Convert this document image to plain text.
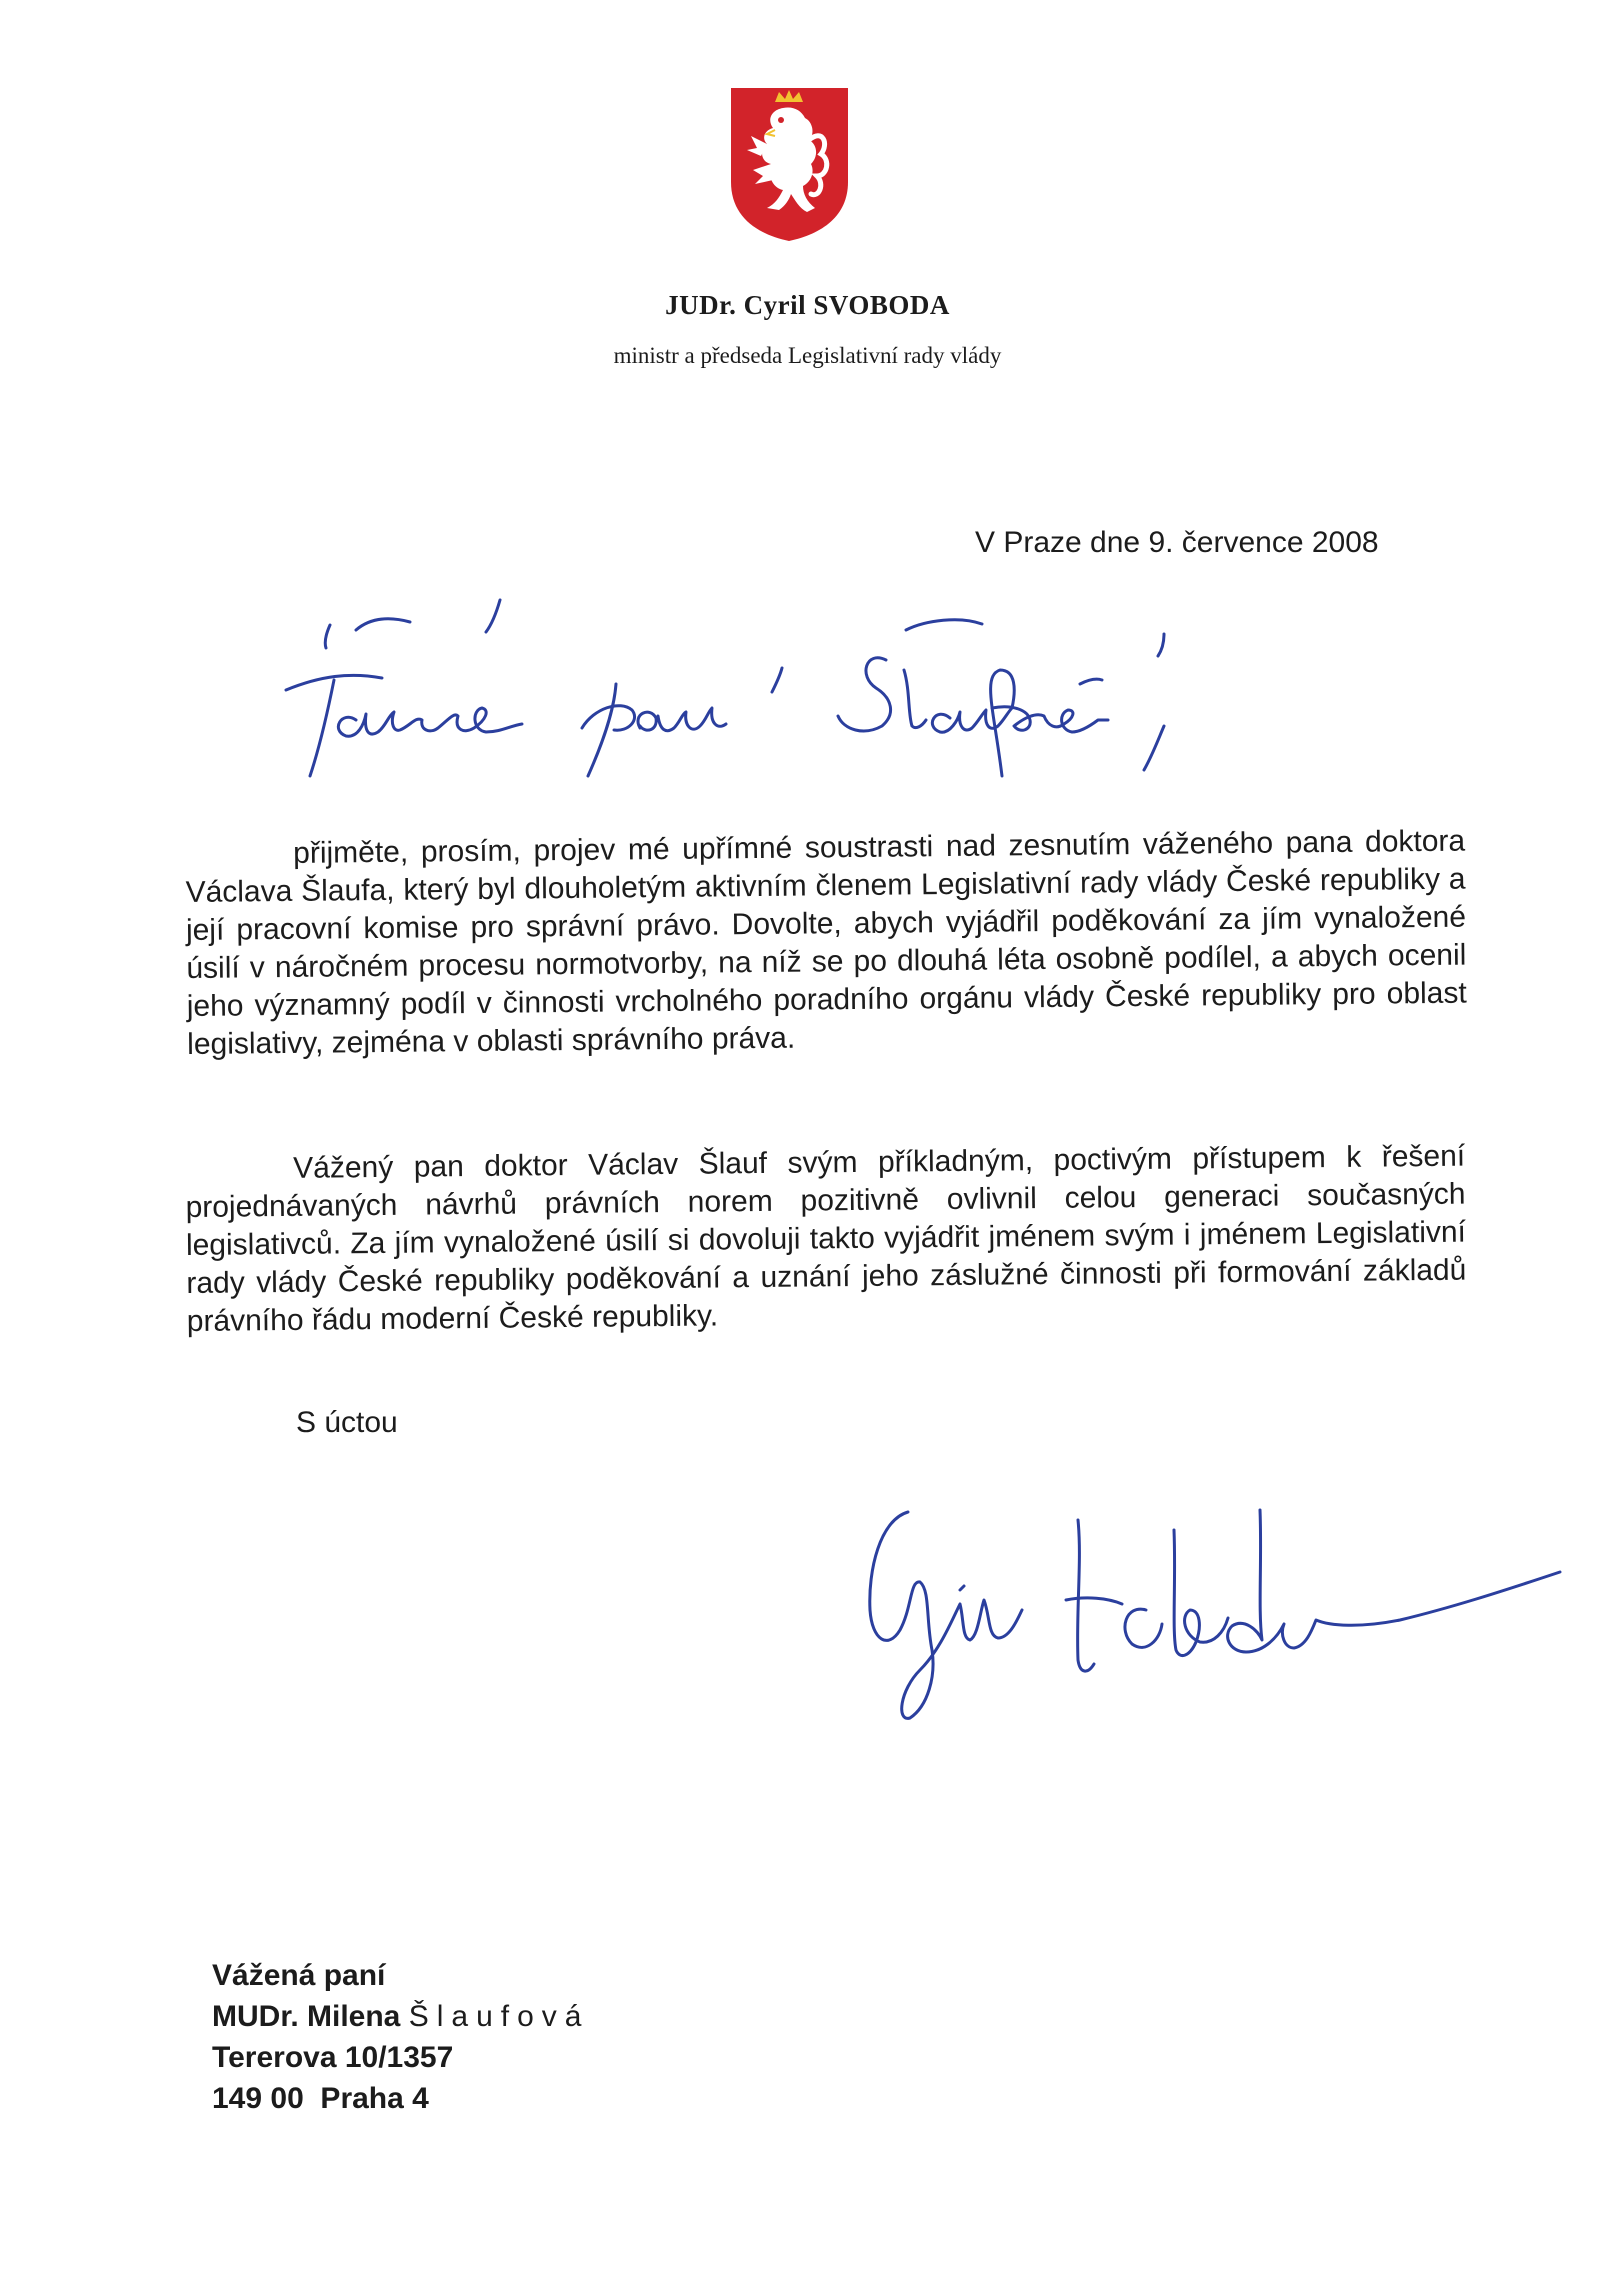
JUDr. Cyril SVOBODA
ministr a předseda Legislativní rady vlády
V Praze dne 9. července 2008

přijměte, prosím, projev mé upřímné soustrasti nad zesnutím váženého pana doktora Václava Šlaufa, který byl dlouholetým aktivním členem Legislativní rady vlády České republiky a její pracovní komise pro správní právo. Dovolte, abych vyjádřil poděkování za jím vynaložené úsilí v náročném procesu normotvorby, na níž se po dlouhá léta osobně podílel, a abych ocenil jeho významný podíl v činnosti vrcholného poradního orgánu vlády České republiky pro oblast legislativy, zejména v oblasti správního práva.

Vážený pan doktor Václav Šlauf svým příkladným, poctivým přístupem k řešení projednávaných návrhů právních norem pozitivně ovlivnil celou generaci současných legislativců. Za jím vynaložené úsilí si dovoluji takto vyjádřit jménem svým i jménem Legislativní rady vlády České republiky poděkování a uznání jeho záslužné činnosti při formování základů právního řádu moderní České republiky.

S úctou
Vážená paní
MUDr. Milena Šlaufová
Tererova 10/1357
149 00  Praha 4
